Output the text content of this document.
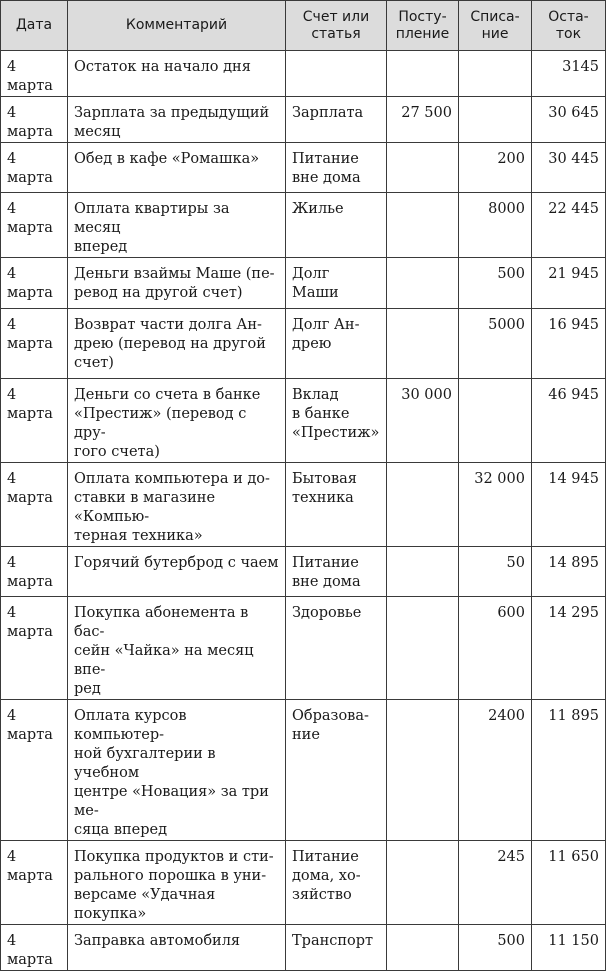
Дата	Комментарий	Счет или
статья	Посту-
пление	Списа-
ние	Оста-
ток

4 марта	Остаток на начало дня				3145

4 марта	Зарплата за предыдущий
месяц	Зарплата	27 500		30 645

4 марта	Обед в кафе «Ромашка»	Питание
вне дома		200	30 445

4 марта	Оплата квартиры за месяц
вперед	Жилье		8000	22 445

4 марта	Деньги взаймы Маше (пе-
ревод на другой счет)	Долг Маши		500	21 945

4 марта	Возврат части долга Ан-
дрею (перевод на другой
счет)	Долг Ан-
дрею		5000	16 945

4 марта	Деньги со счета в банке
«Престиж» (перевод с дру-
гого счета)	Вклад
в банке
«Престиж»	30 000		46 945

4 марта	Оплата компьютера и до-
ставки в магазине «Компью-
терная техника»	Бытовая
техника		32 000	14 945

4 марта	Горячий бутерброд с чаем	Питание
вне дома		50	14 895

4 марта	Покупка абонемента в бас-
сейн «Чайка» на месяц впе-
ред	Здоровье		600	14 295

4 марта	Оплата курсов компьютер-
ной бухгалтерии в учебном
центре «Новация» за три ме-
сяца вперед	Образова-
ние		2400	11 895

4 марта	Покупка продуктов и сти-
рального порошка в уни-
версаме «Удачная покупка»	Питание
дома, хо-
зяйство		245	11 650

4 марта	Заправка автомобиля	Транспорт		500	11 150
